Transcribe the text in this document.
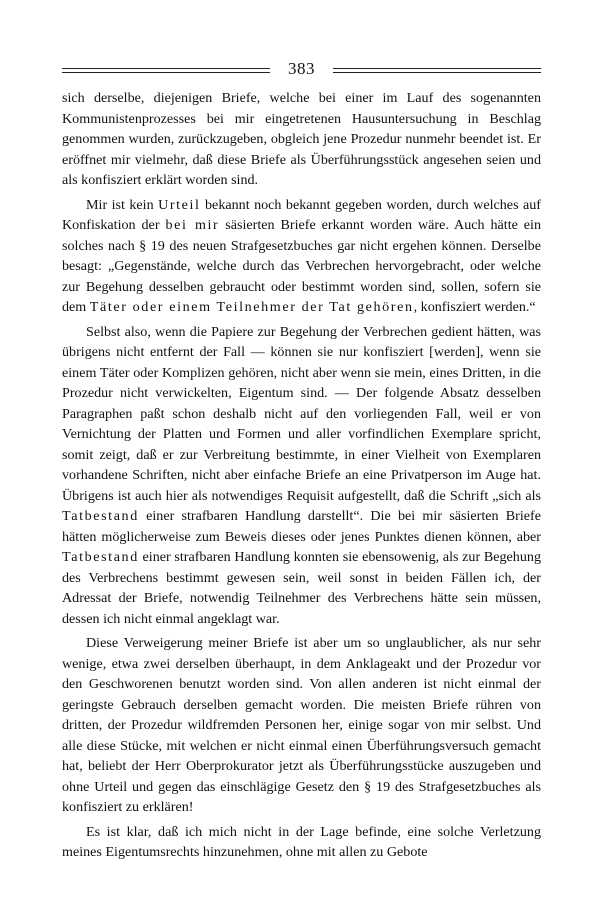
383

sich derselbe, diejenigen Briefe, welche bei einer im Lauf des sogenannten Kommunistenprozesses bei mir eingetretenen Hausuntersuchung in Beschlag genommen wurden, zurückzugeben, obgleich jene Prozedur nunmehr beendet ist. Er eröffnet mir vielmehr, daß diese Briefe als Überführungsstück angesehen seien und als konfisziert erklärt worden sind.

Mir ist kein Urteil bekannt noch bekannt gegeben worden, durch welches auf Konfiskation der bei mir säsierten Briefe erkannt worden wäre. Auch hätte ein solches nach § 19 des neuen Strafgesetzbuches gar nicht ergehen können. Derselbe besagt: „Gegenstände, welche durch das Verbrechen hervorgebracht, oder welche zur Begehung desselben gebraucht oder bestimmt worden sind, sollen, sofern sie dem Täter oder einem Teilnehmer der Tat gehören, konfisziert werden.“

Selbst also, wenn die Papiere zur Begehung der Verbrechen gedient hätten, was übrigens nicht entfernt der Fall — können sie nur konfisziert [werden], wenn sie einem Täter oder Komplizen gehören, nicht aber wenn sie mein, eines Dritten, in die Prozedur nicht verwickelten, Eigentum sind. — Der folgende Absatz desselben Paragraphen paßt schon deshalb nicht auf den vorliegenden Fall, weil er von Vernichtung der Platten und Formen und aller vorfindlichen Exemplare spricht, somit zeigt, daß er zur Verbreitung bestimmte, in einer Vielheit von Exemplaren vorhandene Schriften, nicht aber einfache Briefe an eine Privatperson im Auge hat. Übrigens ist auch hier als notwendiges Requisit aufgestellt, daß die Schrift „sich als Tatbestand einer strafbaren Handlung darstellt“. Die bei mir säsierten Briefe hätten möglicherweise zum Beweis dieses oder jenes Punktes dienen können, aber Tatbestand einer strafbaren Handlung konnten sie ebensowenig, als zur Begehung des Verbrechens bestimmt gewesen sein, weil sonst in beiden Fällen ich, der Adressat der Briefe, notwendig Teilnehmer des Verbrechens hätte sein müssen, dessen ich nicht einmal angeklagt war.

Diese Verweigerung meiner Briefe ist aber um so unglaublicher, als nur sehr wenige, etwa zwei derselben überhaupt, in dem Anklageakt und der Prozedur vor den Geschworenen benutzt worden sind. Von allen anderen ist nicht einmal der geringste Gebrauch derselben gemacht worden. Die meisten Briefe rühren von dritten, der Prozedur wildfremden Personen her, einige sogar von mir selbst. Und alle diese Stücke, mit welchen er nicht einmal einen Überführungsversuch gemacht hat, beliebt der Herr Oberprokurator jetzt als Überführungsstücke auszugeben und ohne Urteil und gegen das einschlägige Gesetz den § 19 des Strafgesetzbuches als konfisziert zu erklären!

Es ist klar, daß ich mich nicht in der Lage befinde, eine solche Verletzung meines Eigentumsrechts hinzunehmen, ohne mit allen zu Gebote
